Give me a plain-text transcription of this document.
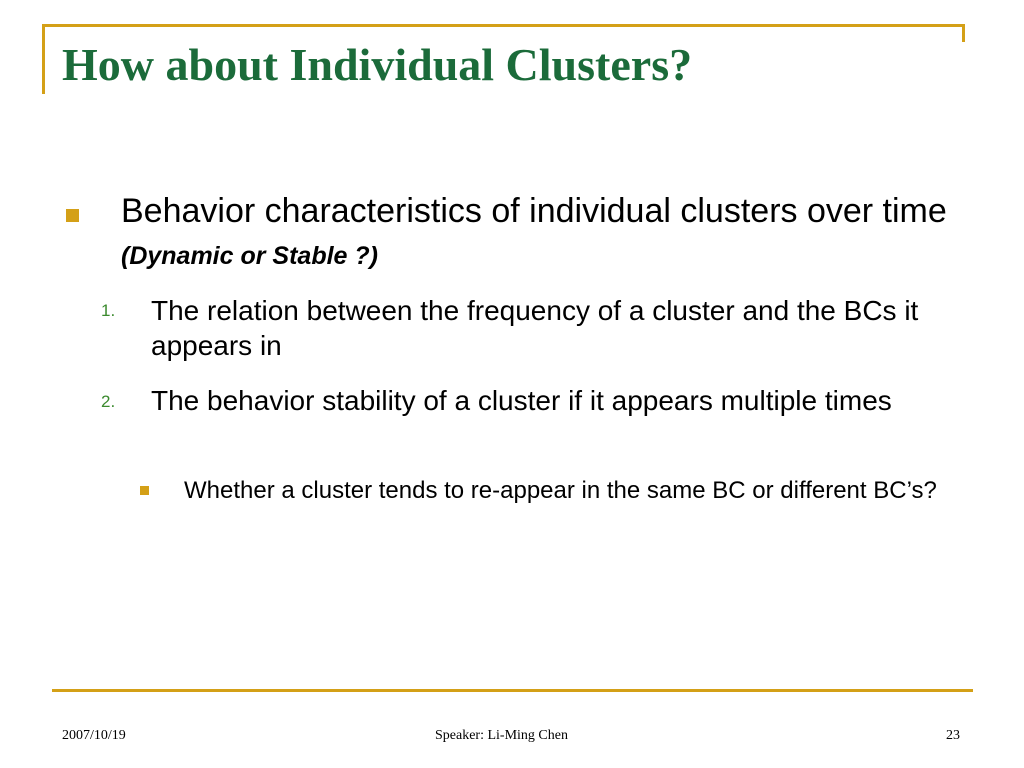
How about Individual Clusters?
Behavior characteristics of individual clusters over time (Dynamic or Stable ?)
1. The relation between the frequency of a cluster and the BCs it appears in
2. The behavior stability of a cluster if it appears multiple times
Whether a cluster tends to re-appear in the same BC or different BC’s?
2007/10/19	Speaker: Li-Ming Chen	23
